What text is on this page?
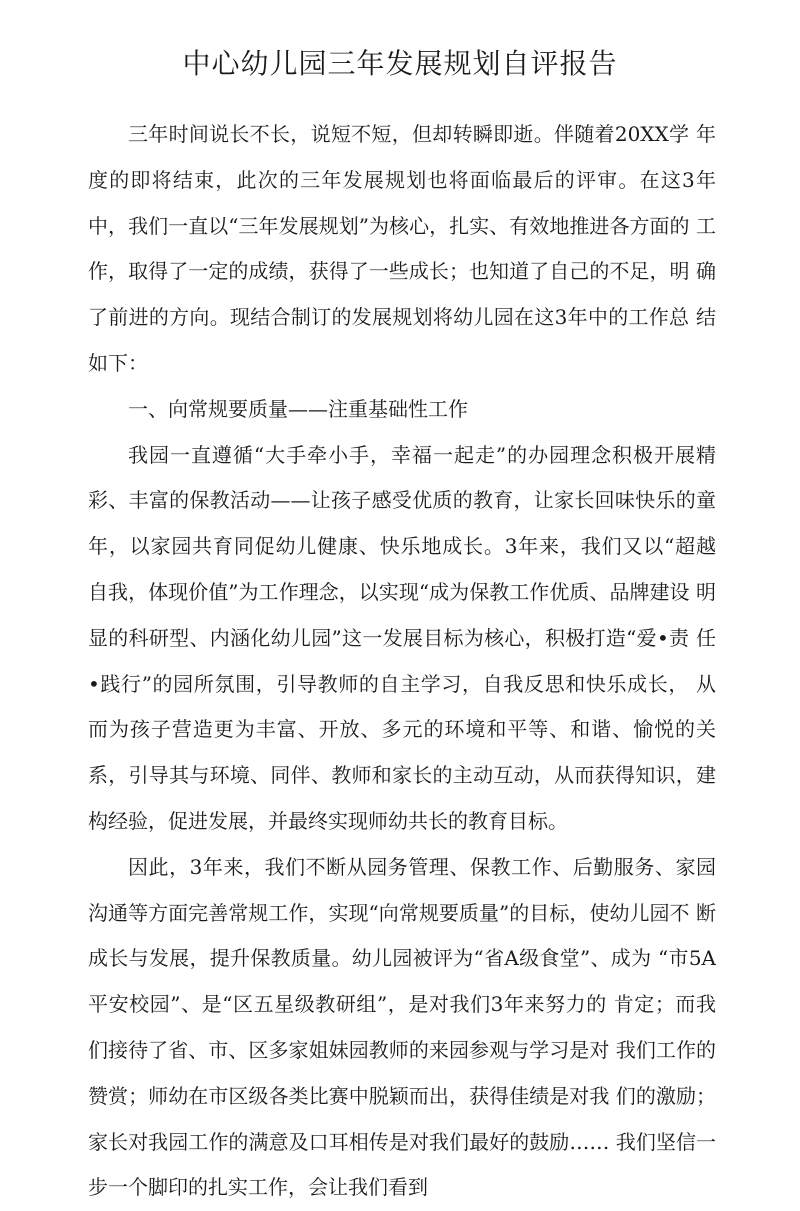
中心幼儿园三年发展规划自评报告

三年时间说长不长，说短不短，但却转瞬即逝。伴随着20XX学 年度的即将结束，此次的三年发展规划也将面临最后的评审。在这3年 中，我们一直以“三年发展规划”为核心，扎实、有效地推进各方面的 工作，取得了一定的成绩，获得了一些成长；也知道了自己的不足，明 确了前进的方向。现结合制订的发展规划将幼儿园在这3年中的工作总 结如下：

一、向常规要质量——注重基础性工作

我园一直遵循“大手牵小手，幸福一起走”的办园理念积极开展精 彩、丰富的保教活动——让孩子感受优质的教育，让家长回味快乐的童 年，以家园共育同促幼儿健康、快乐地成长。3年来，我们又以“超越 自我，体现价值”为工作理念，以实现“成为保教工作优质、品牌建设 明显的科研型、内涵化幼儿园”这一发展目标为核心，积极打造“爱•责 任•践行”的园所氛围，引导教师的自主学习，自我反思和快乐成长， 从而为孩子营造更为丰富、开放、多元的环境和平等、和谐、愉悦的关 系，引导其与环境、同伴、教师和家长的主动互动，从而获得知识，建 构经验，促进发展，并最终实现师幼共长的教育目标。

因此，3年来，我们不断从园务管理、保教工作、后勤服务、家园 沟通等方面完善常规工作，实现“向常规要质量”的目标，使幼儿园不 断成长与发展，提升保教质量。幼儿园被评为“省A级食堂”、成为 “市5A平安校园”、是“区五星级教研组”，是对我们3年来努力的 肯定；而我们接待了省、市、区多家姐妹园教师的来园参观与学习是对 我们工作的赞赏；师幼在市区级各类比赛中脱颖而出，获得佳绩是对我 们的激励；家长对我园工作的满意及口耳相传是对我们最好的鼓励…… 我们坚信一步一个脚印的扎实工作，会让我们看到
